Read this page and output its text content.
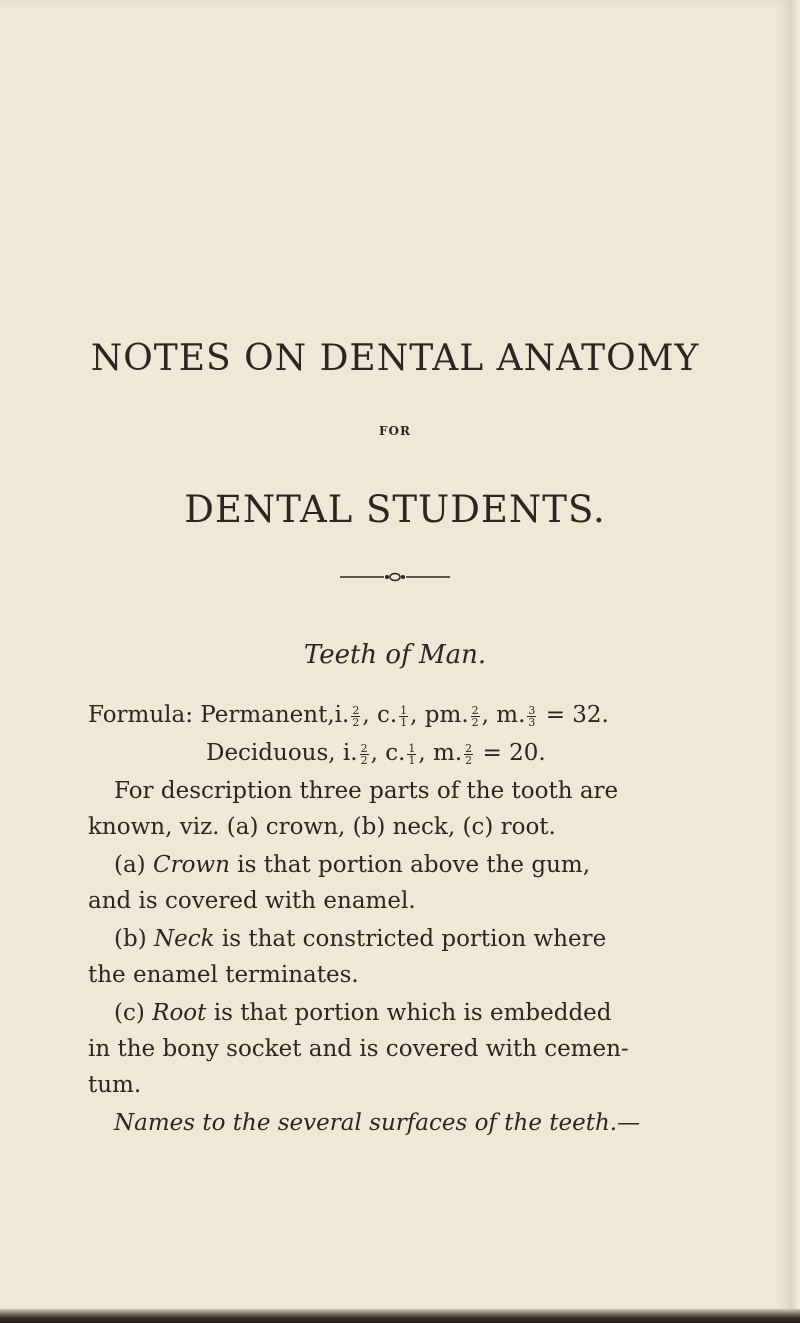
NOTES ON DENTAL ANATOMY
FOR
DENTAL STUDENTS.
Teeth of Man.
Formula: Permanent,i. $\frac{2}{2}$ , c. $\frac{1}{1}$ , pm. $\frac{2}{2}$ , m. $\frac{3}{3} = 32$.
Deciduous, i. $\frac{2}{2}$ , c. $\frac{1}{1}$ , m. $\frac{2}{2} = 20$.
For description three parts of the tooth are
known, viz. (a) crown, (b) neck, (c) root.
(a) Crown is that portion above the gum,
and is covered with enamel.
(b) Neck is that constricted portion where
the enamel terminates.
(c) Root is that portion which is embedded
in the bony socket and is covered with cemen-
tum.
Names to the several surfaces of the teeth.—
